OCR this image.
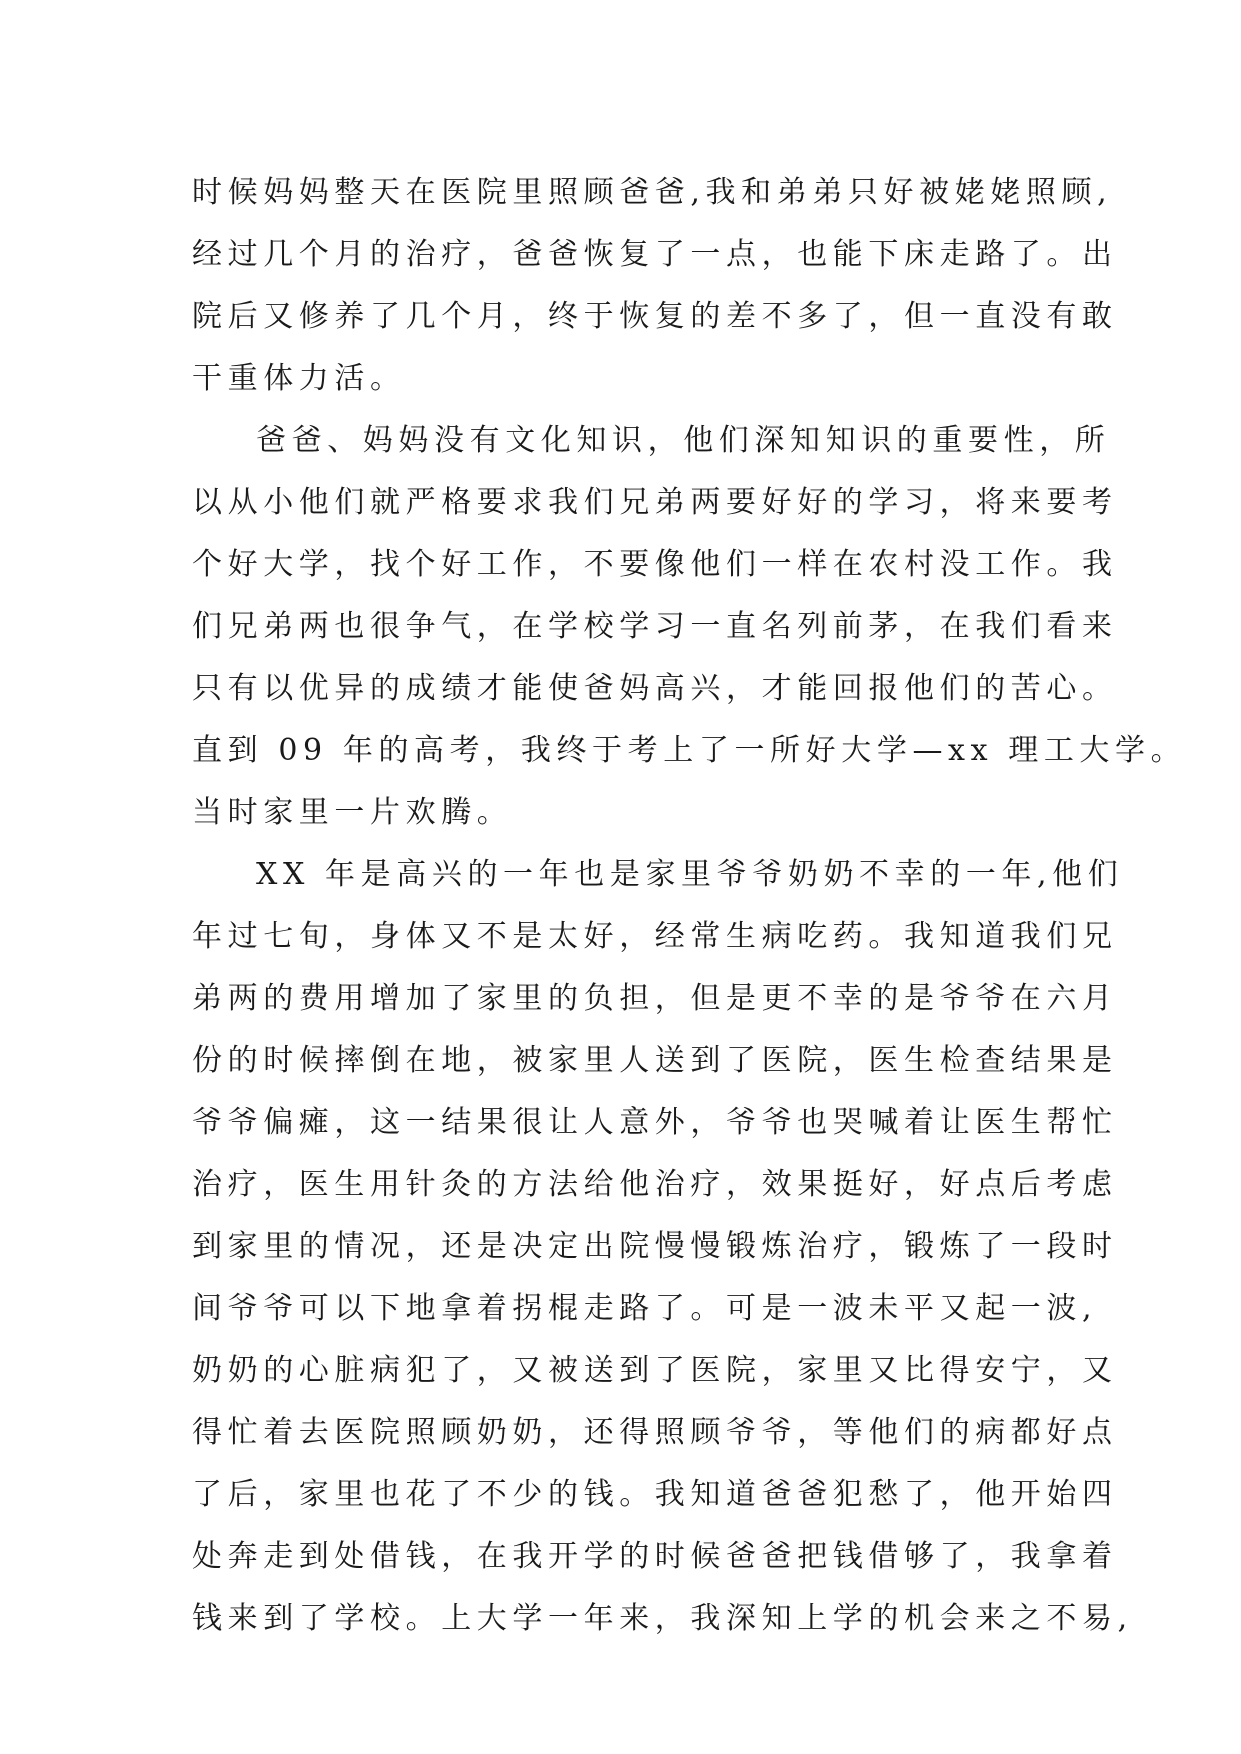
时候妈妈整天在医院里照顾爸爸,我和弟弟只好被姥姥照顾,
经过几个月的治疗，爸爸恢复了一点，也能下床走路了。出
院后又修养了几个月，终于恢复的差不多了，但一直没有敢
干重体力活。
爸爸、妈妈没有文化知识，他们深知知识的重要性，所
以从小他们就严格要求我们兄弟两要好好的学习，将来要考
个好大学，找个好工作，不要像他们一样在农村没工作。我
们兄弟两也很争气，在学校学习一直名列前茅，在我们看来
只有以优异的成绩才能使爸妈高兴，才能回报他们的苦心。
直到 09 年的高考，我终于考上了一所好大学—xx 理工大学。
当时家里一片欢腾。
XX 年是高兴的一年也是家里爷爷奶奶不幸的一年,他们
年过七旬，身体又不是太好，经常生病吃药。我知道我们兄
弟两的费用增加了家里的负担，但是更不幸的是爷爷在六月
份的时候摔倒在地，被家里人送到了医院，医生检查结果是
爷爷偏瘫，这一结果很让人意外，爷爷也哭喊着让医生帮忙
治疗，医生用针灸的方法给他治疗，效果挺好，好点后考虑
到家里的情况，还是决定出院慢慢锻炼治疗，锻炼了一段时
间爷爷可以下地拿着拐棍走路了。可是一波未平又起一波,
奶奶的心脏病犯了，又被送到了医院，家里又比得安宁，又
得忙着去医院照顾奶奶，还得照顾爷爷，等他们的病都好点
了后，家里也花了不少的钱。我知道爸爸犯愁了，他开始四
处奔走到处借钱，在我开学的时候爸爸把钱借够了，我拿着
钱来到了学校。上大学一年来，我深知上学的机会来之不易,
